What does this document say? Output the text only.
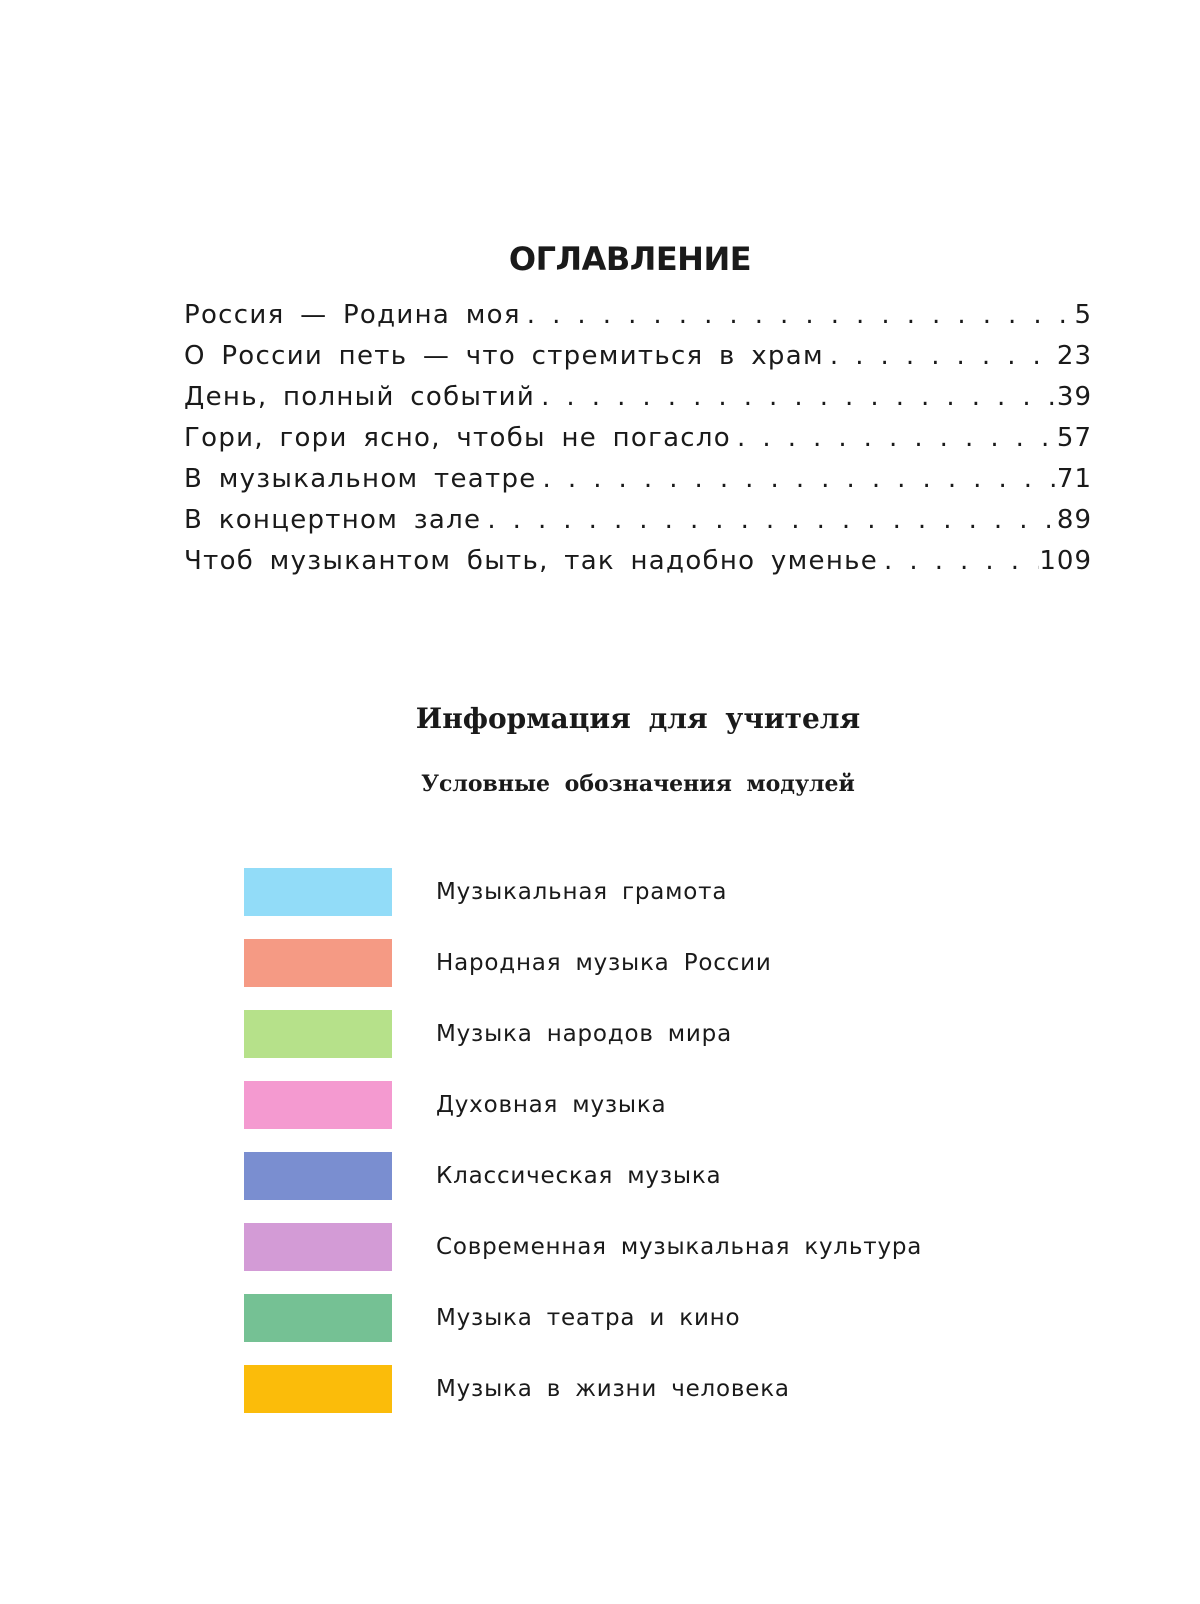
ОГЛАВЛЕНИЕ
Россия — Родина моя . . .	5
О России петь — что стремиться в храм . . .	23
День, полный событий . . .	39
Гори, гори ясно, чтобы не погасло . . .	57
В музыкальном театре . . .	71
В концертном зале . . .	89
Чтоб музыкантом быть, так надобно уменье . . .	109
Информация для учителя
Условные обозначения модулей
Музыкальная грамота
Народная музыка России
Музыка народов мира
Духовная музыка
Классическая музыка
Современная музыкальная культура
Музыка театра и кино
Музыка в жизни человека
